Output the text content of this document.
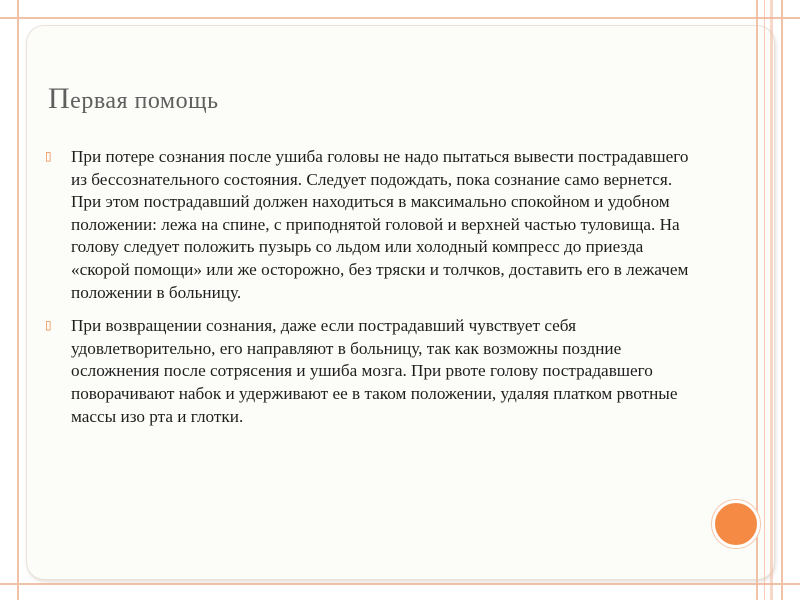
Первая помощь
▯ При потере сознания после ушиба головы не надо пытаться вывести пострадавшего из бессознательного состояния. Следует подождать, пока сознание само вернется. При этом пострадавший должен находиться в максимально спокойном и удобном положении: лежа на спине, с приподнятой головой и верхней частью туловища. На голову следует положить пузырь со льдом или холодный компресс до приезда «скорой помощи» или же осторожно, без тряски и толчков, доставить его в лежачем положении в больницу.
▯ При возвращении сознания, даже если пострадавший чувствует себя удовлетворительно, его направляют в больницу, так как возможны поздние осложнения после сотрясения и ушиба мозга. При рвоте голову пострадавшего поворачивают набок и удерживают ее в таком положении, удаляя платком рвотные массы изо рта и глотки.
